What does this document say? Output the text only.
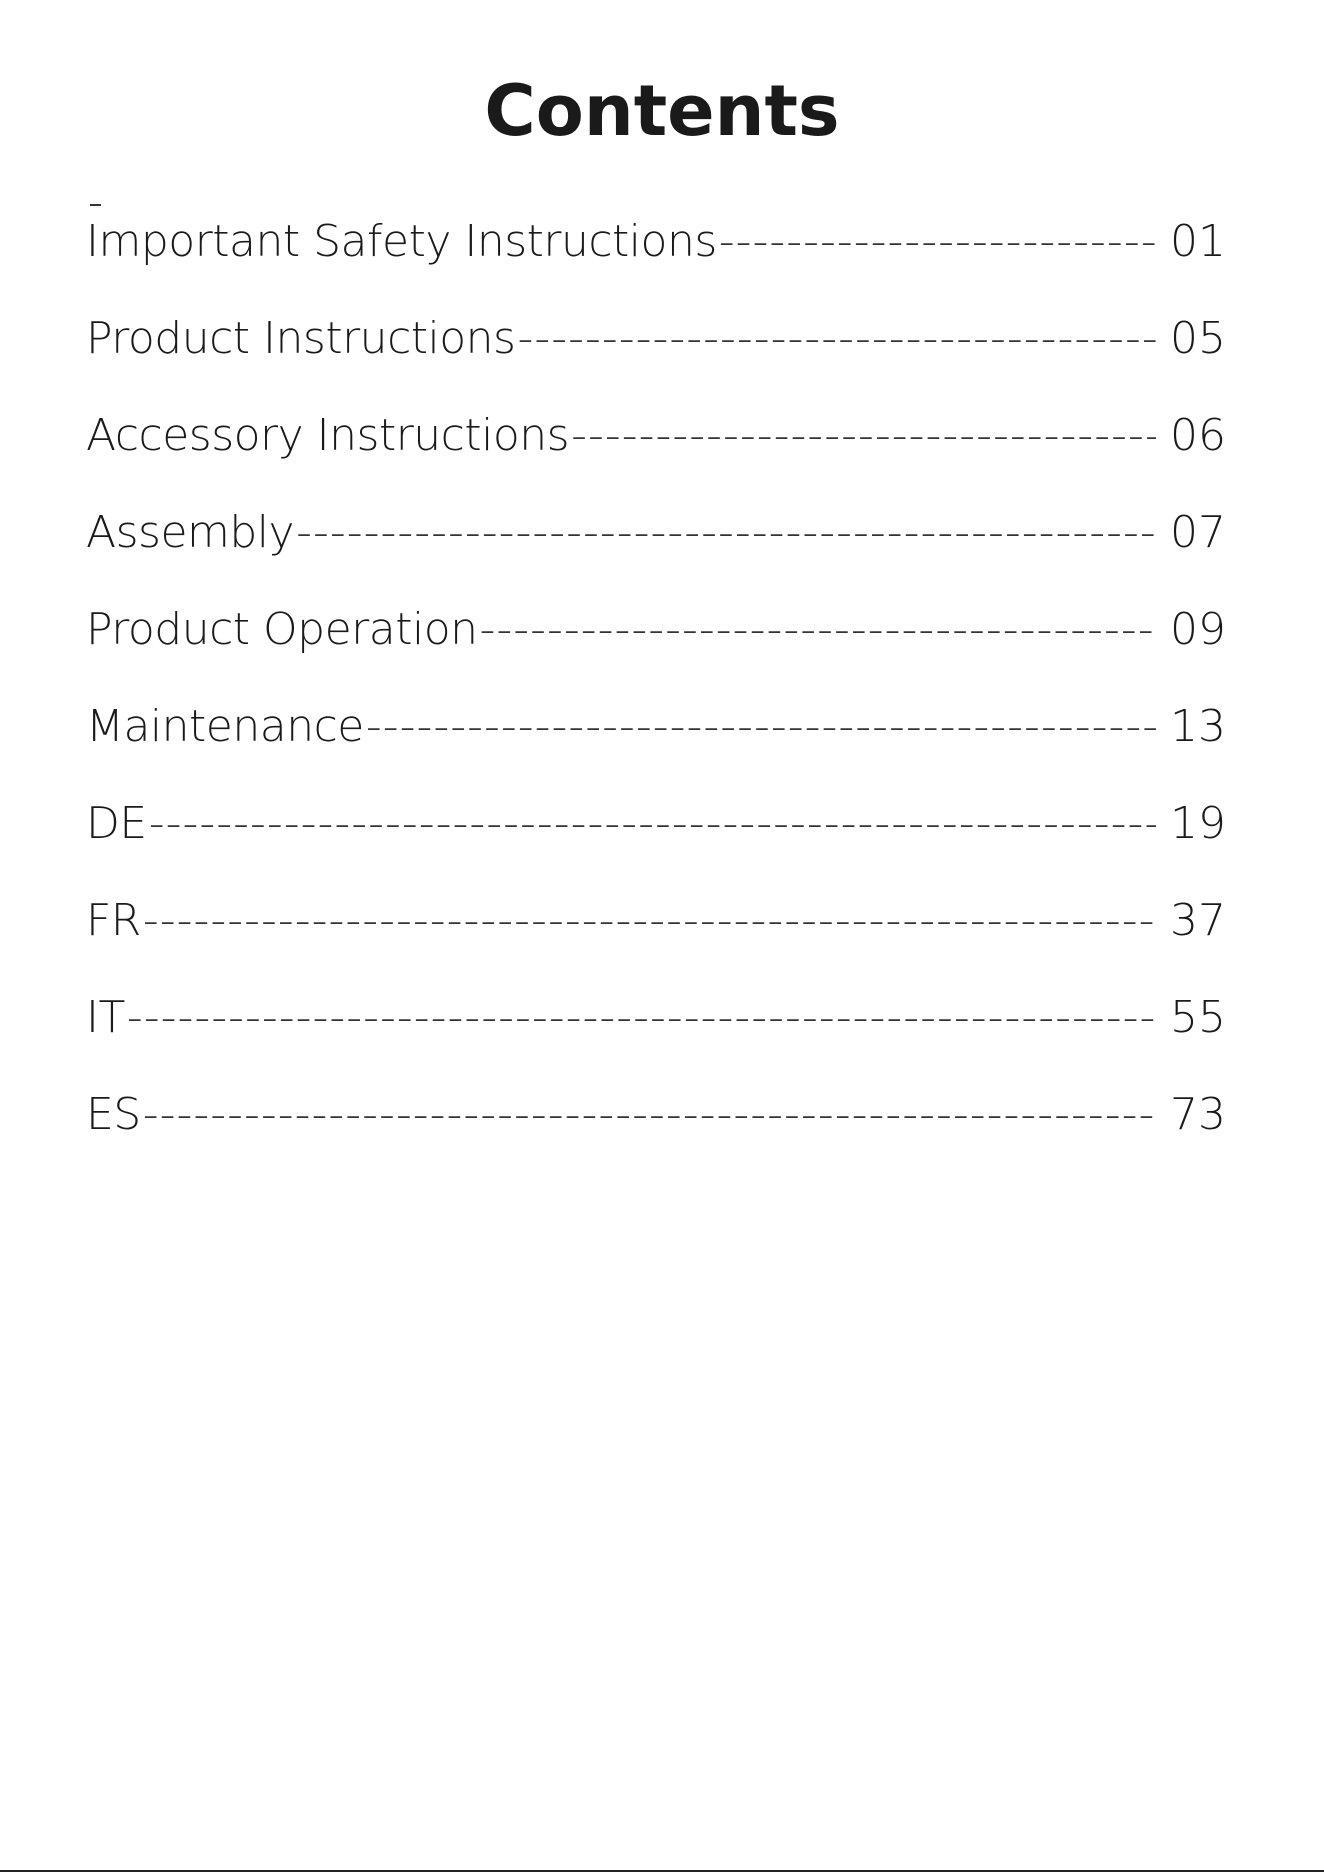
Contents
Important Safety Instructions -----	01
Product Instructions -----	05
Accessory Instructions -----	06
Assembly -----	07
Product Operation -----	09
Maintenance -----	13
DE -----	19
FR -----	37
IT -----	55
ES -----	73
